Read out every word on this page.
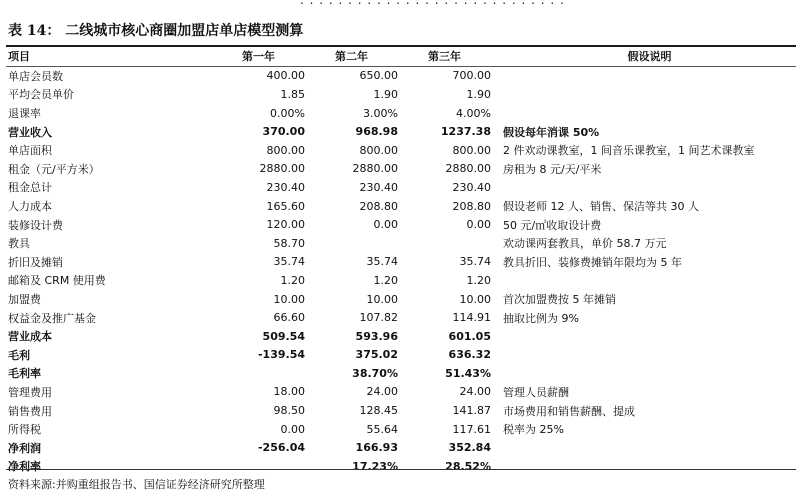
. . . . . . . . . . . . . . . . . . . . . . . . . . . .
表 14： 二线城市核心商圈加盟店单店模型测算
项目	第一年	第二年	第三年		假设说明
单店会员数	400.00	650.00	700.00		
平均会员单价	1.85	1.90	1.90		
退课率	0.00%	3.00%	4.00%		
营业收入	370.00	968.98	1237.38		假设每年消课 50%
单店面积	800.00	800.00	800.00		2 件欢动课教室，1 间音乐课教室，1 间艺术课教室
租金（元/平方米）	2880.00	2880.00	2880.00		房租为 8 元/天/平米
租金总计	230.40	230.40	230.40		
人力成本	165.60	208.80	208.80		假设老师 12 人、销售、保洁等共 30 人
装修设计费	120.00	0.00	0.00		50 元/㎡收取设计费
教具	58.70				欢动课两套教具，单价 58.7 万元
折旧及摊销	35.74	35.74	35.74		教具折旧、装修费摊销年限均为 5 年
邮箱及 CRM 使用费	1.20	1.20	1.20		
加盟费	10.00	10.00	10.00		首次加盟费按 5 年摊销
权益金及推广基金	66.60	107.82	114.91		抽取比例为 9%
营业成本	509.54	593.96	601.05		
毛利	-139.54	375.02	636.32		
毛利率		38.70%	51.43%		
管理费用	18.00	24.00	24.00		管理人员薪酬
销售费用	98.50	128.45	141.87		市场费用和销售薪酬、提成
所得税	0.00	55.64	117.61		税率为 25%
净利润	-256.04	166.93	352.84		
净利率		17.23%	28.52%		
资料来源:并购重组报告书、国信证券经济研究所整理
